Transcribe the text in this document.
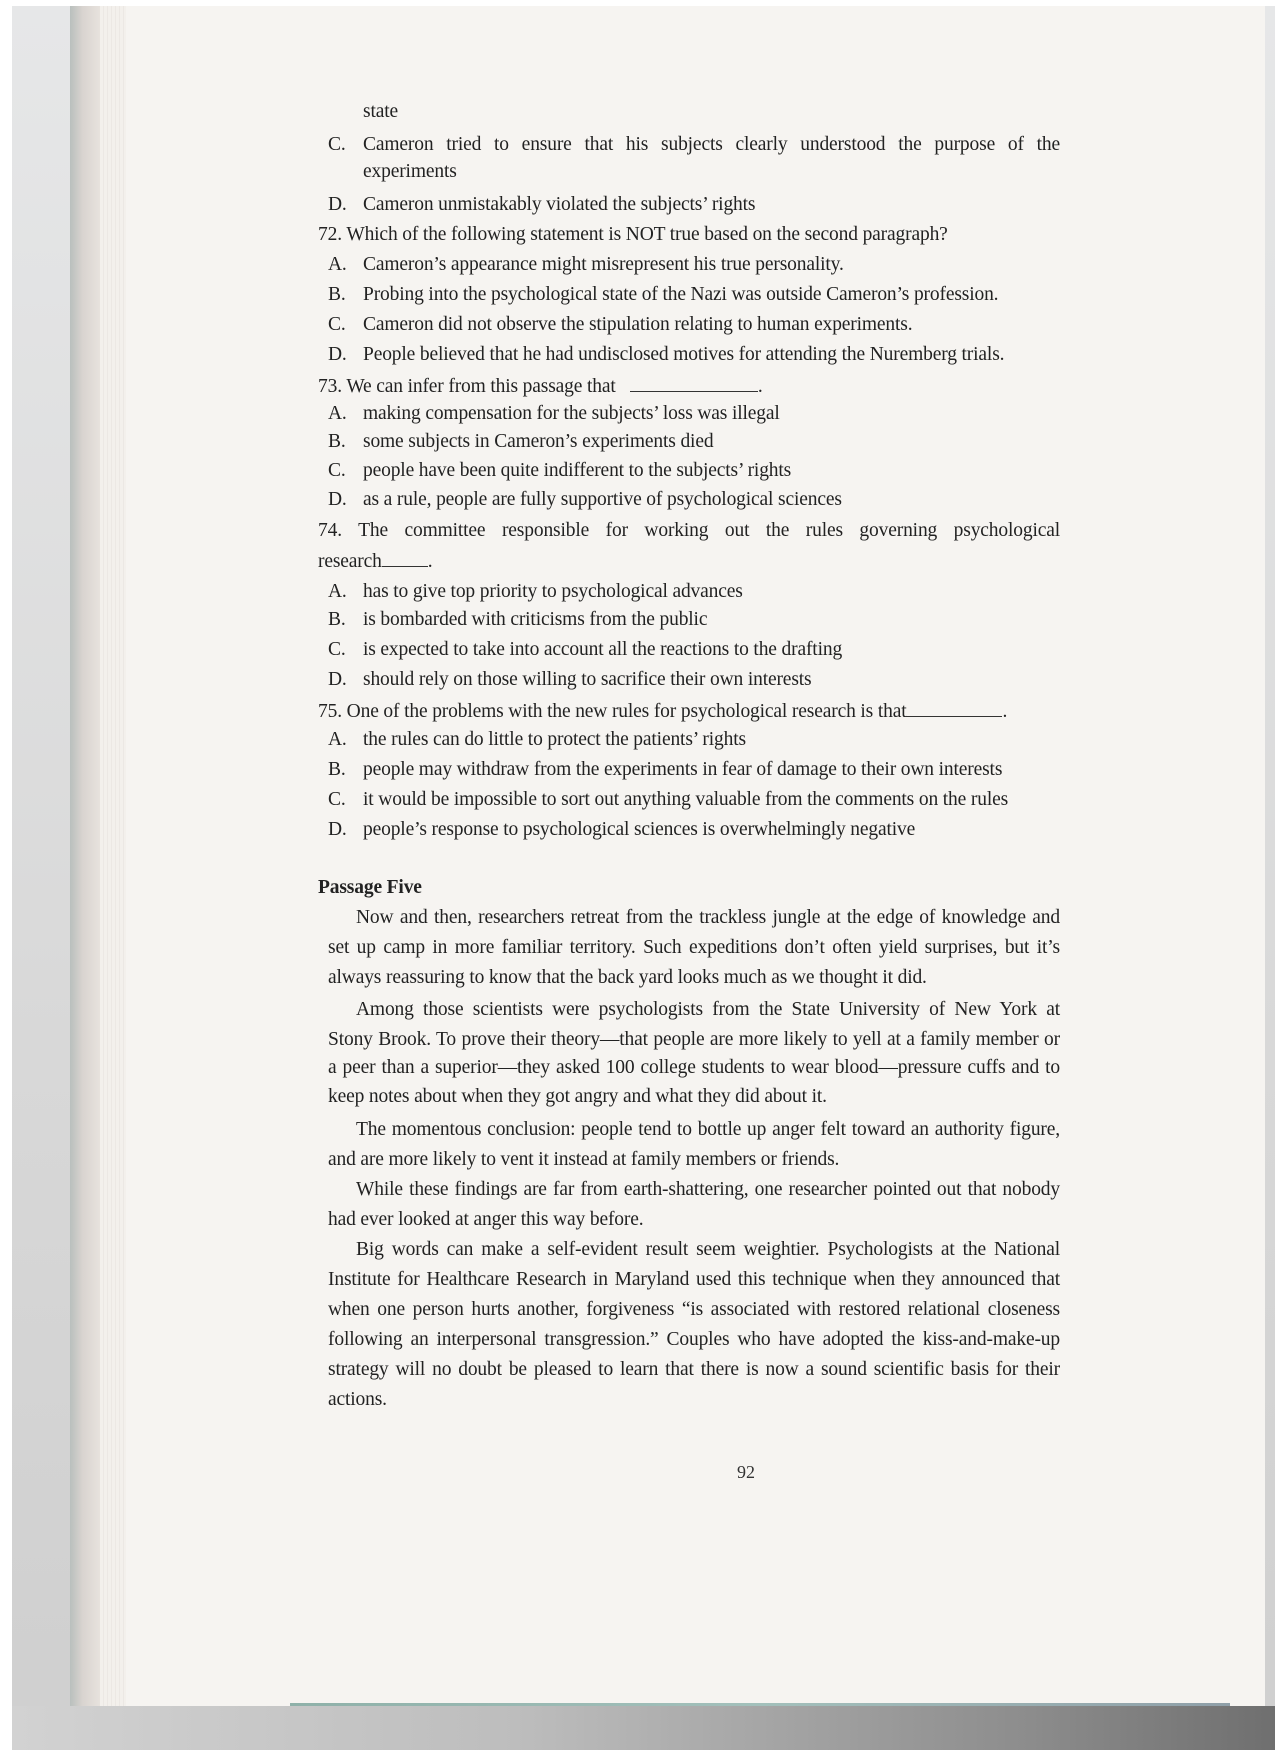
state
C. Cameron tried to ensure that his subjects clearly understood the purpose of the
experiments
D. Cameron unmistakably violated the subjects’ rights
72. Which of the following statement is NOT true based on the second paragraph?
A. Cameron’s appearance might misrepresent his true personality.
B. Probing into the psychological state of the Nazi was outside Cameron’s profession.
C. Cameron did not observe the stipulation relating to human experiments.
D. People believed that he had undisclosed motives for attending the Nuremberg trials.
73. We can infer from this passage that	.
A. making compensation for the subjects’ loss was illegal
B. some subjects in Cameron’s experiments died
C. people have been quite indifferent to the subjects’ rights
D. as a rule, people are fully supportive of psychological sciences
74. The committee responsible for working out the rules governing psychological
research .
A. has to give top priority to psychological advances
B. is bombarded with criticisms from the public
C. is expected to take into account all the reactions to the drafting
D. should rely on those willing to sacrifice their own interests
75. One of the problems with the new rules for psychological research is that	.
A. the rules can do little to protect the patients’ rights
B. people may withdraw from the experiments in fear of damage to their own interests
C. it would be impossible to sort out anything valuable from the comments on the rules
D. people’s response to psychological sciences is overwhelmingly negative
Passage Five
Now and then, researchers retreat from the trackless jungle at the edge of knowledge and
set up camp in more familiar territory. Such expeditions don’t often yield surprises, but it’s
always reassuring to know that the back yard looks much as we thought it did.
Among those scientists were psychologists from the State University of New York at
Stony Brook. To prove their theory—that people are more likely to yell at a family member or
a peer than a superior—they asked 100 college students to wear blood—pressure cuffs and to
keep notes about when they got angry and what they did about it.
The momentous conclusion: people tend to bottle up anger felt toward an authority figure,
and are more likely to vent it instead at family members or friends.
While these findings are far from earth-shattering, one researcher pointed out that nobody
had ever looked at anger this way before.
Big words can make a self-evident result seem weightier. Psychologists at the National
Institute for Healthcare Research in Maryland used this technique when they announced that
when one person hurts another, forgiveness “is associated with restored relational closeness
following an interpersonal transgression.” Couples who have adopted the kiss-and-make-up
strategy will no doubt be pleased to learn that there is now a sound scientific basis for their
actions.
92
